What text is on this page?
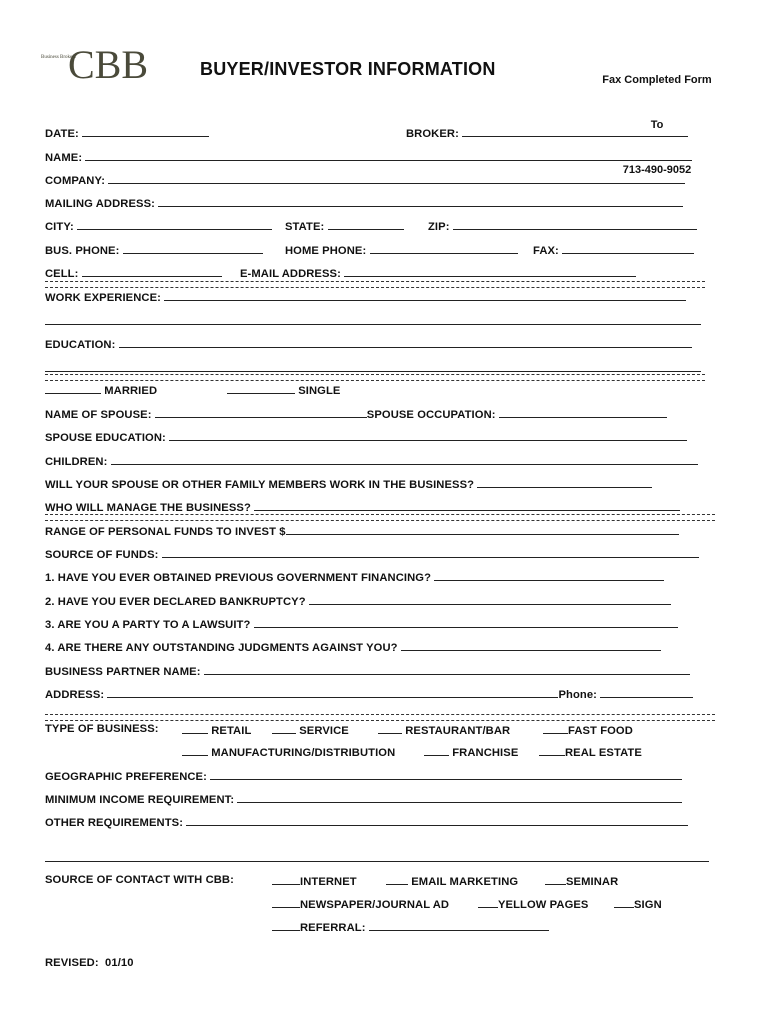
CBB
Business Brokers
BUYER/INVESTOR INFORMATION

Fax Completed Form

To

713-490-9052

DATE:	BROKER:
NAME:
COMPANY:
MAILING ADDRESS:
CITY:	STATE:	ZIP:
BUS. PHONE:	HOME PHONE:	FAX:
CELL:	E-MAIL ADDRESS:
WORK EXPERIENCE:
EDUCATION:
MARRIED	SINGLE
NAME OF SPOUSE:	SPOUSE OCCUPATION:
SPOUSE EDUCATION:
CHILDREN:
WILL YOUR SPOUSE OR OTHER FAMILY MEMBERS WORK IN THE BUSINESS?
WHO WILL MANAGE THE BUSINESS?
RANGE OF PERSONAL FUNDS TO INVEST $
SOURCE OF FUNDS:
1. HAVE YOU EVER OBTAINED PREVIOUS GOVERNMENT FINANCING?
2. HAVE YOU EVER DECLARED BANKRUPTCY?
3. ARE YOU A PARTY TO A LAWSUIT?
4. ARE THERE ANY OUTSTANDING JUDGMENTS AGAINST YOU?
BUSINESS PARTNER NAME:
ADDRESS:	Phone:
TYPE OF BUSINESS:	RETAIL	SERVICE	RESTAURANT/BAR	FAST FOOD
MANUFACTURING/DISTRIBUTION	FRANCHISE	REAL ESTATE
GEOGRAPHIC PREFERENCE:
MINIMUM INCOME REQUIREMENT:
OTHER REQUIREMENTS:
SOURCE OF CONTACT WITH CBB:	INTERNET	EMAIL MARKETING	SEMINAR
NEWSPAPER/JOURNAL AD	YELLOW PAGES	SIGN
REFERRAL:
REVISED:  01/10
